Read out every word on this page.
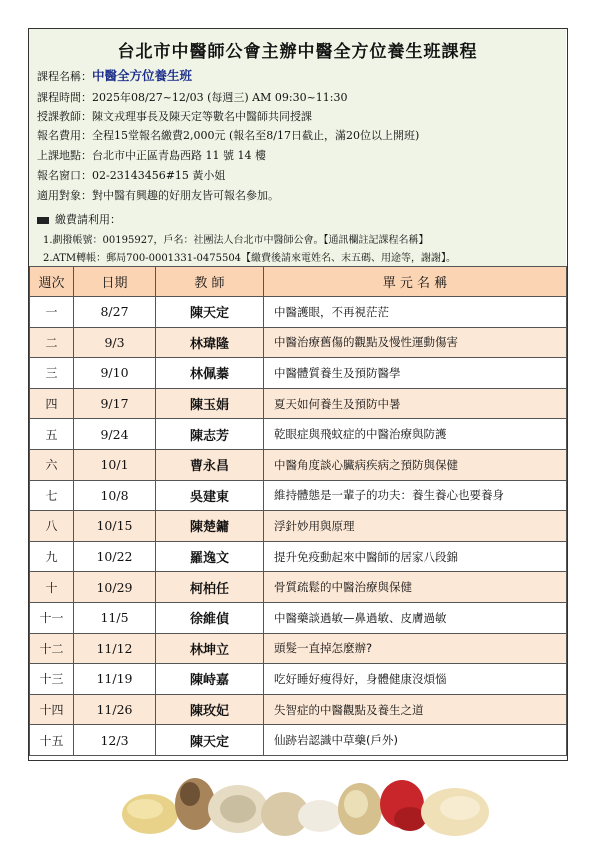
台北市中醫師公會主辦中醫全方位養生班課程
課程名稱：中醫全方位養生班
課程時間：2025年08/27~12/03 (每週三) AM 09:30~11:30
授課教師：陳文戎理事長及陳天定等數名中醫師共同授課
報名費用：全程15堂報名繳費2,000元 (報名至8/17日截止，滿20位以上開班)
上課地點：台北市中正區青島西路 11 號 14 樓
報名窗口：02-23143456#15 黃小姐
適用對象：對中醫有興趣的好朋友皆可報名參加。
繳費請利用：
1.劃撥帳號：00195927，戶名：社團法人台北市中醫師公會。【通訊欄註記課程名稱】
2.ATM轉帳：郵局700-0001331-0475504【繳費後請來電姓名、末五碼、用途等，謝謝】。
週次	日期	教 師	單 元 名 稱
一	8/27	陳天定	中醫護眼，不再視茫茫
二	9/3	林瑋隆	中醫治療舊傷的觀點及慢性運動傷害
三	9/10	林佩蓁	中醫體質養生及預防醫學
四	9/17	陳玉娟	夏天如何養生及預防中暑
五	9/24	陳志芳	乾眼症與飛蚊症的中醫治療與防護
六	10/1	曹永昌	中醫角度談心臟病疾病之預防與保健
七	10/8	吳建東	維持體態是一輩子的功夫：養生養心也要養身
八	10/15	陳楚鏞	浮針妙用與原理
九	10/22	羅逸文	提升免疫動起來中醫師的居家八段錦
十	10/29	柯柏任	骨質疏鬆的中醫治療與保健
十一	11/5	徐維偵	中醫藥談過敏—鼻過敏、皮膚過敏
十二	11/12	林坤立	頭髮一直掉怎麼辦?
十三	11/19	陳峙嘉	吃好睡好瘦得好，身體健康沒煩惱
十四	11/26	陳玫妃	失智症的中醫觀點及養生之道
十五	12/3	陳天定	仙跡岩認識中草藥(戶外)
